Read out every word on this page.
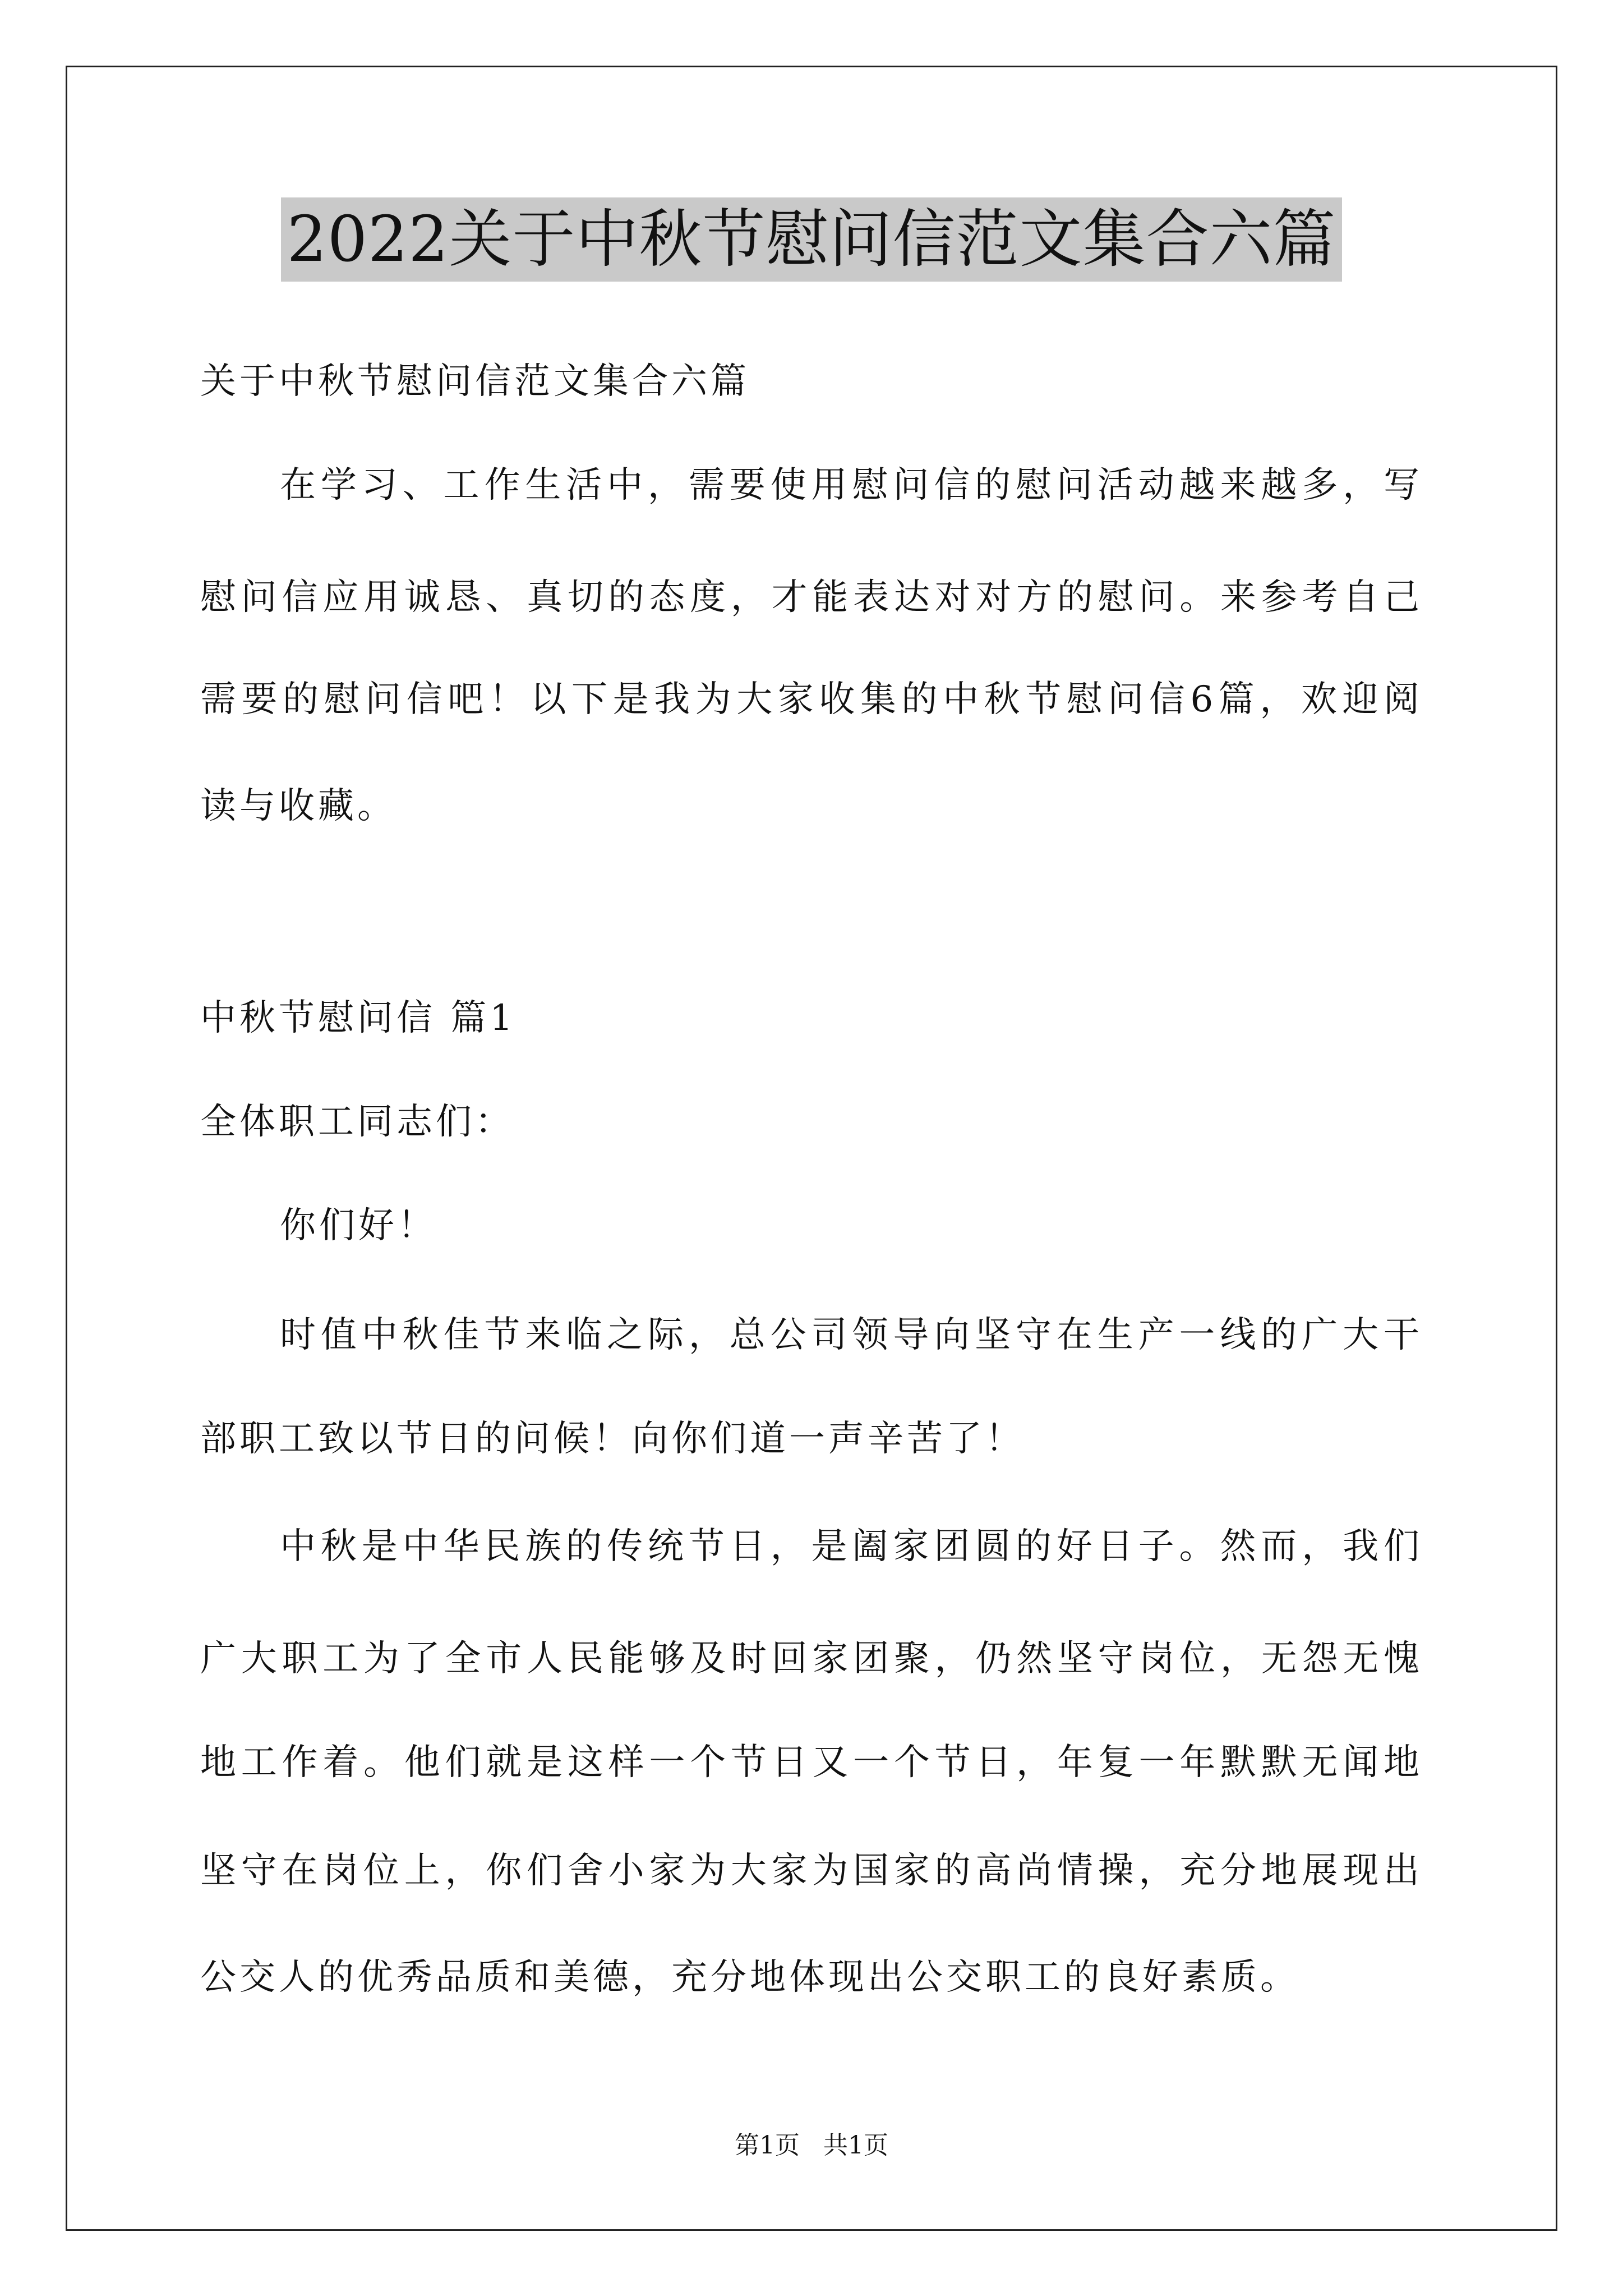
2022关于中秋节慰问信范文集合六篇
关于中秋节慰问信范文集合六篇
在学习、工作生活中，需要使用慰问信的慰问活动越来越多，写
慰问信应用诚恳、真切的态度，才能表达对对方的慰问。来参考自己
需要的慰问信吧！以下是我为大家收集的中秋节慰问信6篇，欢迎阅
读与收藏。
中秋节慰问信 篇1
全体职工同志们：
你们好！
时值中秋佳节来临之际，总公司领导向坚守在生产一线的广大干
部职工致以节日的问候！向你们道一声辛苦了！
中秋是中华民族的传统节日，是阖家团圆的好日子。然而，我们
广大职工为了全市人民能够及时回家团聚，仍然坚守岗位，无怨无愧
地工作着。他们就是这样一个节日又一个节日，年复一年默默无闻地
坚守在岗位上，你们舍小家为大家为国家的高尚情操，充分地展现出
公交人的优秀品质和美德，充分地体现出公交职工的良好素质。
第1页 共1页
